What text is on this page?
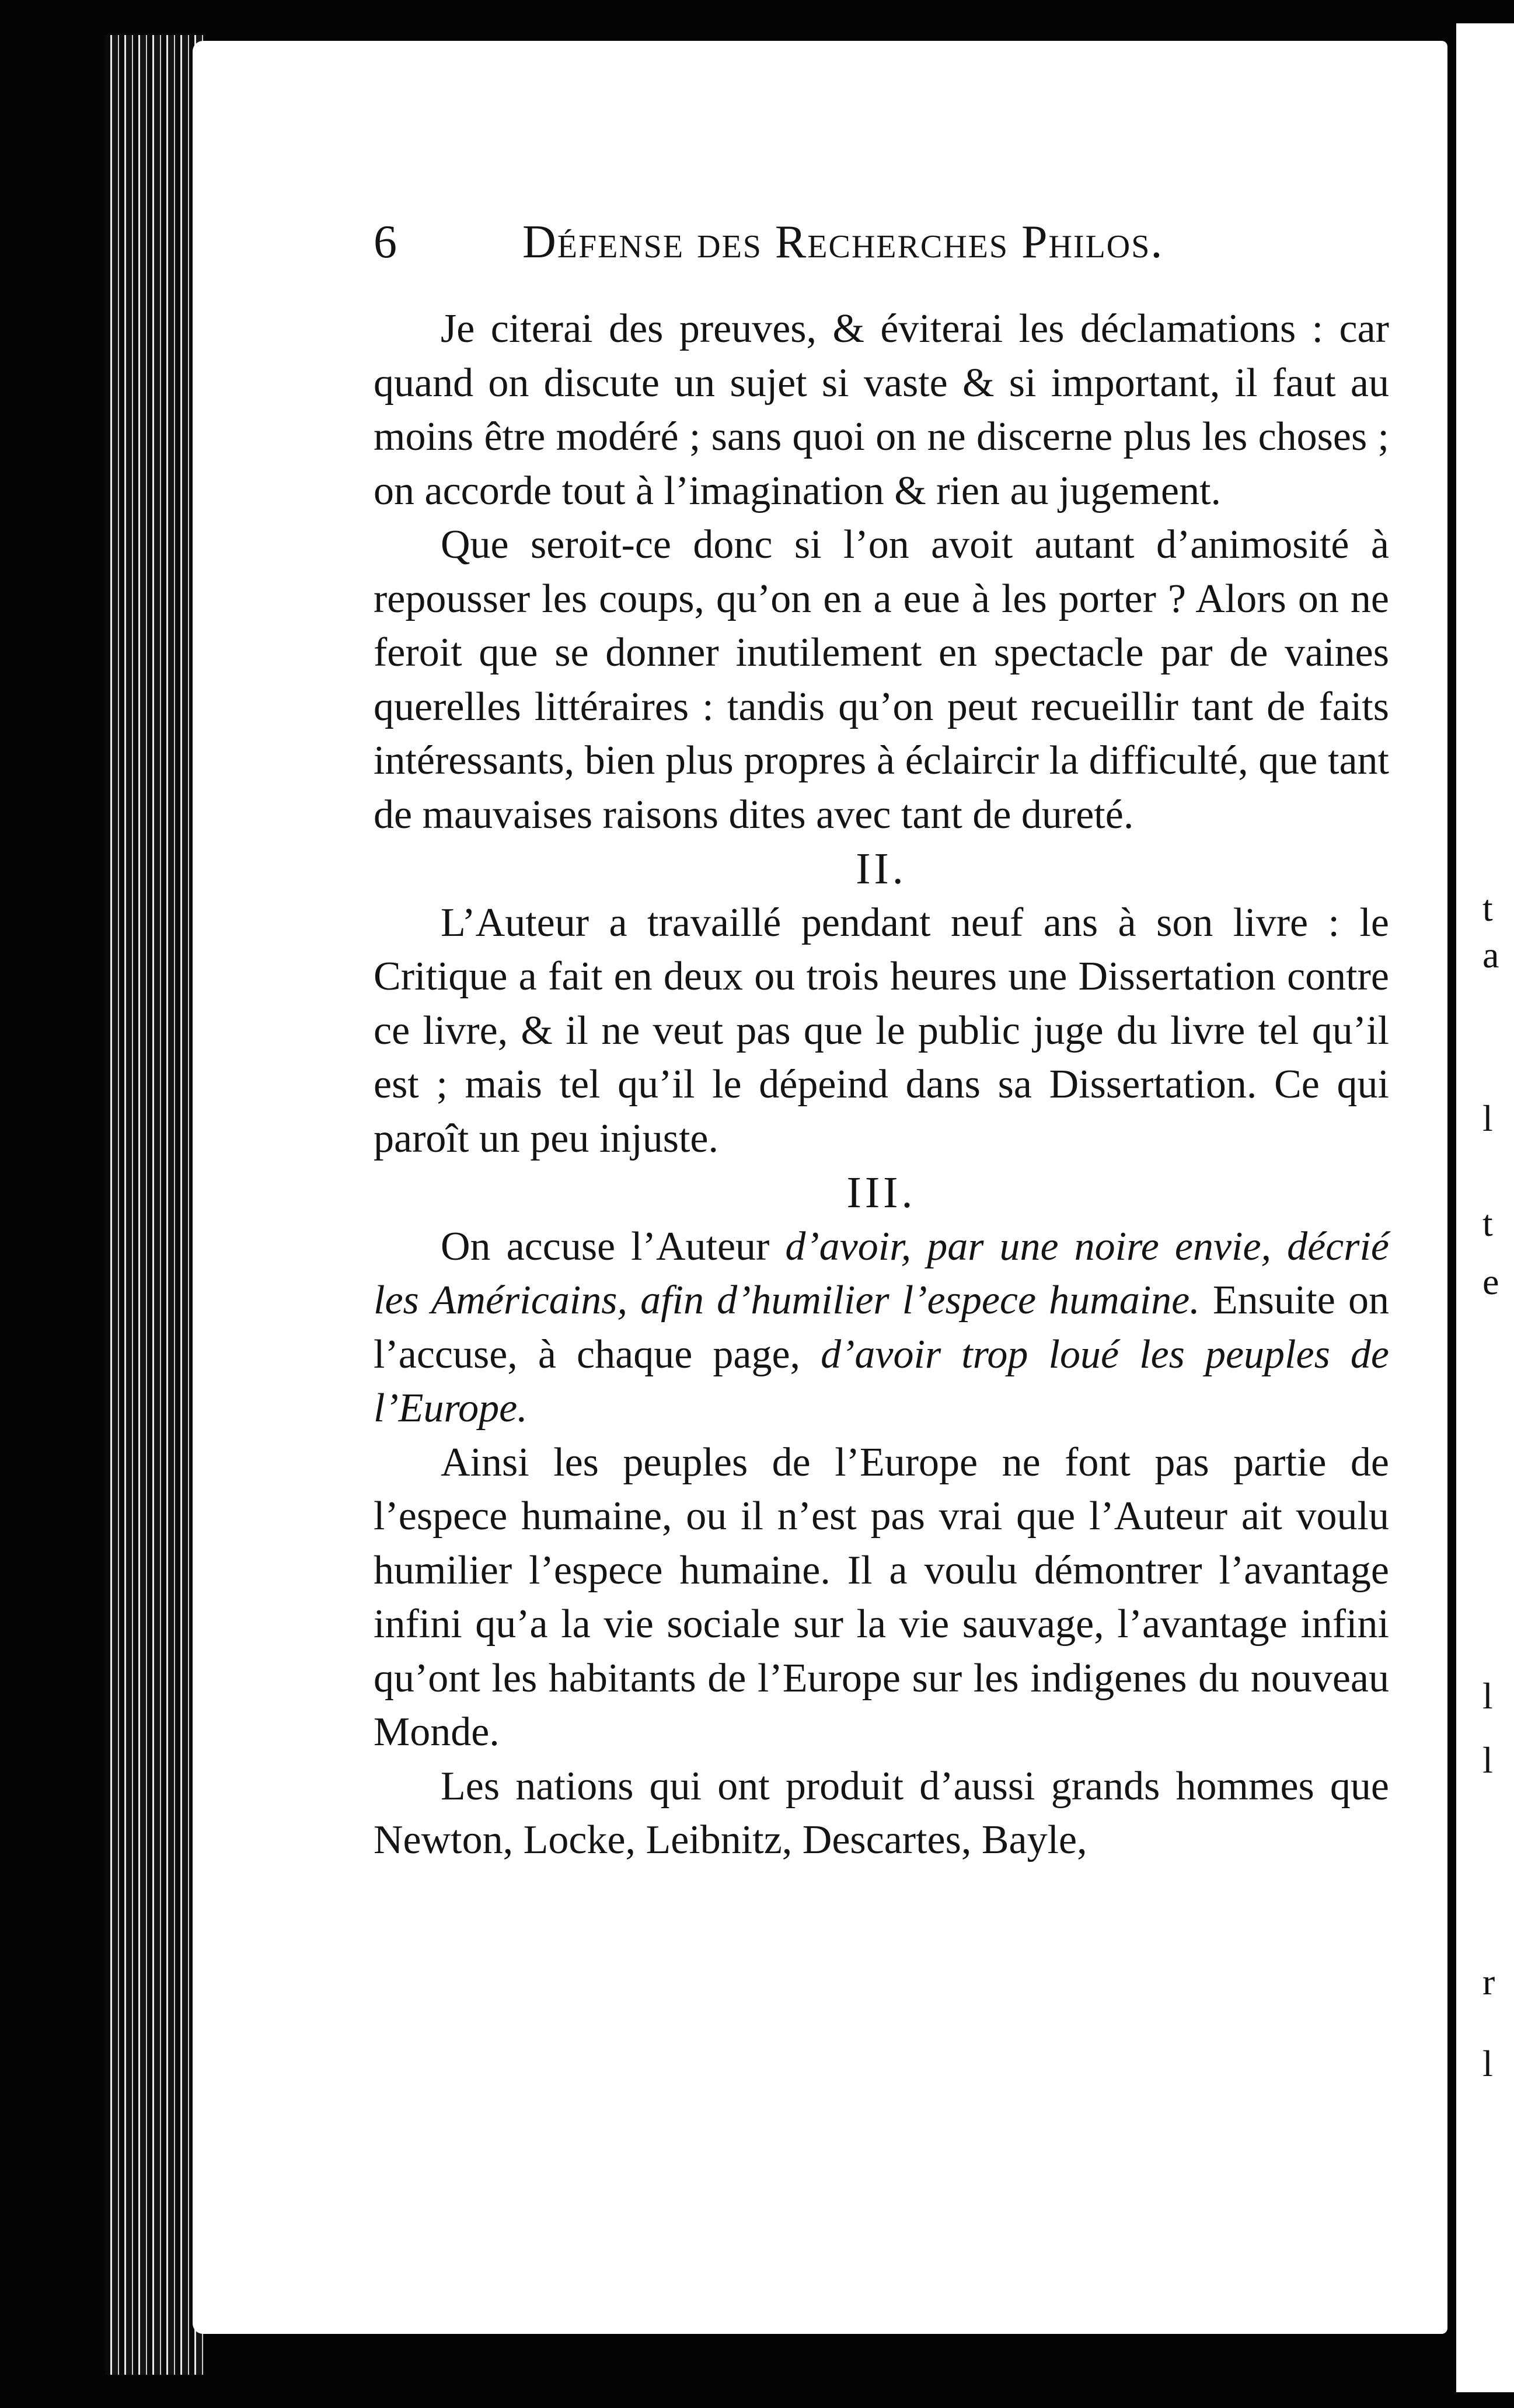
t
a
l
t
e
l
l
r
l
6	Défense des Recherches Philos.

Je citerai des preuves, & éviterai les déclamations : car quand on discute un sujet si vaste & si important, il faut au moins être modéré ; sans quoi on ne discerne plus les choses ; on accorde tout à l’imagination & rien au jugement.

Que seroit-ce donc si l’on avoit autant d’animosité à repousser les coups, qu’on en a eue à les porter ? Alors on ne feroit que se donner inutilement en spectacle par de vaines querelles littéraires : tandis qu’on peut recueillir tant de faits intéressants, bien plus propres à éclaircir la difficulté, que tant de mauvaises raisons dites avec tant de dureté.

II.

L’Auteur a travaillé pendant neuf ans à son livre : le Critique a fait en deux ou trois heures une Dissertation contre ce livre, & il ne veut pas que le public juge du livre tel qu’il est ; mais tel qu’il le dépeind dans sa Dissertation. Ce qui paroît un peu injuste.

III.

On accuse l’Auteur d’avoir, par une noire envie, décrié les Américains, afin d’humilier l’espece humaine. Ensuite on l’accuse, à chaque page, d’avoir trop loué les peuples de l’Europe.

Ainsi les peuples de l’Europe ne font pas partie de l’espece humaine, ou il n’est pas vrai que l’Auteur ait voulu humilier l’espece humaine. Il a voulu démontrer l’avantage infini qu’a la vie sociale sur la vie sauvage, l’avantage infini qu’ont les habitants de l’Europe sur les indigenes du nouveau Monde.

Les nations qui ont produit d’aussi grands hommes que Newton, Locke, Leibnitz, Descartes, Bayle,
